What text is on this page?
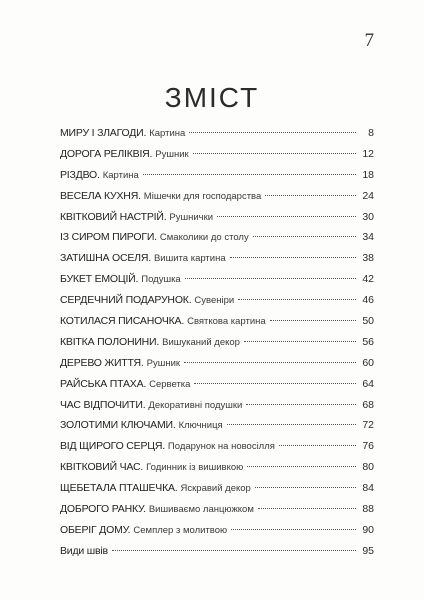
7
ЗМІСТ
МИРУ І ЗЛАГОДИ. Картина	8
ДОРОГА РЕЛІКВІЯ. Рушник	12
РІЗДВО. Картина	18
ВЕСЕЛА КУХНЯ. Мішечки для господарства	24
КВІТКОВИЙ НАСТРІЙ. Рушнички	30
ІЗ СИРОМ ПИРОГИ. Смаколики до столу	34
ЗАТИШНА ОСЕЛЯ. Вишита картина	38
БУКЕТ ЕМОЦІЙ. Подушка	42
СЕРДЕЧНИЙ ПОДАРУНОК. Сувеніри	46
КОТИЛАСЯ ПИСАНОЧКА. Святкова картина	50
КВІТКА ПОЛОНИНИ. Вишуканий декор	56
ДЕРЕВО ЖИТТЯ. Рушник	60
РАЙСЬКА ПТАХА. Серветка	64
ЧАС ВІДПОЧИТИ. Декоративні подушки	68
ЗОЛОТИМИ КЛЮЧАМИ. Ключниця	72
ВІД ЩИРОГО СЕРЦЯ. Подарунок на новосілля	76
КВІТКОВИЙ ЧАС. Годинник із вишивкою	80
ЩЕБЕТАЛА ПТАШЕЧКА. Яскравий декор	84
ДОБРОГО РАНКУ. Вишиваємо ланцюжком	88
ОБЕРІГ ДОМУ. Семплер з молитвою	90
Види швів	95
